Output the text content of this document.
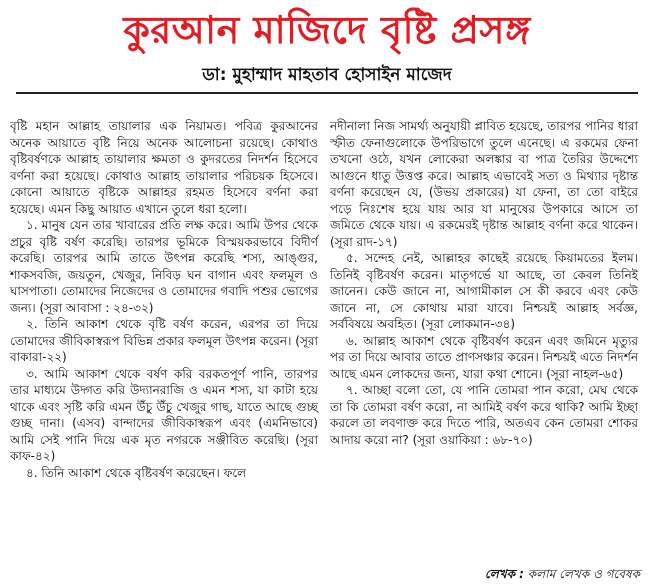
কুরআন মাজিদে বৃষ্টি প্রসঙ্গ
ডা: মুহাম্মাদ মাহতাব হোসাইন মাজেদ

বৃষ্টি মহান আল্লাহ তায়ালার এক নিয়ামত। পবিত্র কুরআনের অনেক আয়াতে বৃষ্টি নিয়ে অনেক আলোচনা রয়েছে। কোথাও বৃষ্টিবর্ষণকে আল্লাহ তায়ালার ক্ষমতা ও কুদরতের নিদর্শন হিসেবে বর্ণনা করা হয়েছে। কোথাও আল্লাহ তায়ালার পরিচয়ক হিসেবে। কোনো আয়াতে বৃষ্টিকে আল্লাহর রহমত হিসেবে বর্ণনা করা হয়েছে। এমন কিছু আয়াত এখানে তুলে ধরা হলো।

১. মানুষ যেন তার খাবারের প্রতি লক্ষ করে। আমি উপর থেকে প্রচুর বৃষ্টি বর্ষণ করেছি। তারপর ভূমিকে বিস্ময়করভাবে বিদীর্ণ করেছি। তারপর আমি তাতে উৎপন্ন করেছি শস্য, আঙ্গুর, শাকসবজি, জয়তুন, খেজুর, নিবিড় ঘন বাগান এবং ফলমূল ও ঘাসপাতা। তোমাদের নিজেদের ও তোমাদের গবাদি পশুর ভোগের জন্য। (সূরা আবাসা : ২৪-৩২)

২. তিনি আকাশ থেকে বৃষ্টি বর্ষণ করেন, এরপর তা দিয়ে তোমাদের জীবিকাস্বরূপ বিভিন্ন প্রকার ফলমূল উৎপন্ন করেন। (সূরা বাকারা-২২)

৩. আমি আকাশ থেকে বর্ষণ করি বরকতপূর্ণ পানি, তারপর তার মাধ্যমে উদ্গত করি উদ্যানরাজি ও এমন শস্য, যা কাটা হয়ে থাকে এবং সৃষ্টি করি এমন উঁচু উঁচু খেজুর গাছ, যাতে আছে গুচ্ছ গুচ্ছ দানা। (এসব) বান্দাদের জীবিকাস্বরূপ এবং (এমনিভাবে) আমি সেই পানি দিয়ে এক মৃত নগরকে সঞ্জীবিত করেছি। (সূরা কাফ-৪২)

৪. তিনি আকাশ থেকে বৃষ্টিবর্ষণ করেছেন। ফলে

নদীনালা নিজ সামর্থ্য অনুযায়ী প্লাবিত হয়েছে, তারপর পানির ধারা স্ফীত ফেনাগুলোকে উপরিভাগে তুলে এনেছে। এ রকমের ফেনা তখনো ওঠে, যখন লোকেরা অলঙ্কার বা পাত্র তৈরির উদ্দেশ্যে আগুনে ধাতু উত্তপ্ত করে। আল্লাহ এভাবেই সত্য ও মিথ্যার দৃষ্টান্ত বর্ণনা করেছেন যে, (উভয় প্রকারের) যা ফেনা, তা তো বাইরে পড়ে নিঃশেষ হয়ে যায় আর যা মানুষের উপকারে আসে তা জমিতে থেকে যায়। এ রকমেরই দৃষ্টান্ত আল্লাহ বর্ণনা করে থাকেন। (সূরা রাদ-১৭)

৫. সন্দেহ নেই, আল্লাহর কাছেই রয়েছে কিয়ামতের ইলম। তিনিই বৃষ্টিবর্ষণ করেন। মাতৃগর্ভে যা আছে, তা কেবল তিনিই জানেন। কেউ জানে না, আগামীকাল সে কী করবে এবং কেউ জানে না, সে কোথায় মারা যাবে। নিশ্চয়ই আল্লাহ সর্বজ্ঞ, সর্ববিষয়ে অবহিত। (সূরা লোকমান-৩৪)

৬. আল্লাহ আকাশ থেকে বৃষ্টিবর্ষণ করেন এবং জমিনে মৃত্যুর পর তা দিয়ে আবার তাতে প্রাণসঞ্চার করেন। নিশ্চয়ই এতে নিদর্শন আছে এমন লোকদের জন্য, যারা কথা শোনে। (সূরা নাহল-৬৫)

৭. আচ্ছা বলো তো, যে পানি তোমরা পান করো, মেঘ থেকে তা কি তোমরা বর্ষণ করো, না আমিই বর্ষণ করে থাকি? আমি ইচ্ছা করলে তা লবণাক্ত করে দিতে পারি, অতএব কেন তোমরা শোকর আদায় করো না? (সূরা ওয়াকিয়া : ৬৮-৭০)

লেখক : কলাম লেখক ও গবেষক
